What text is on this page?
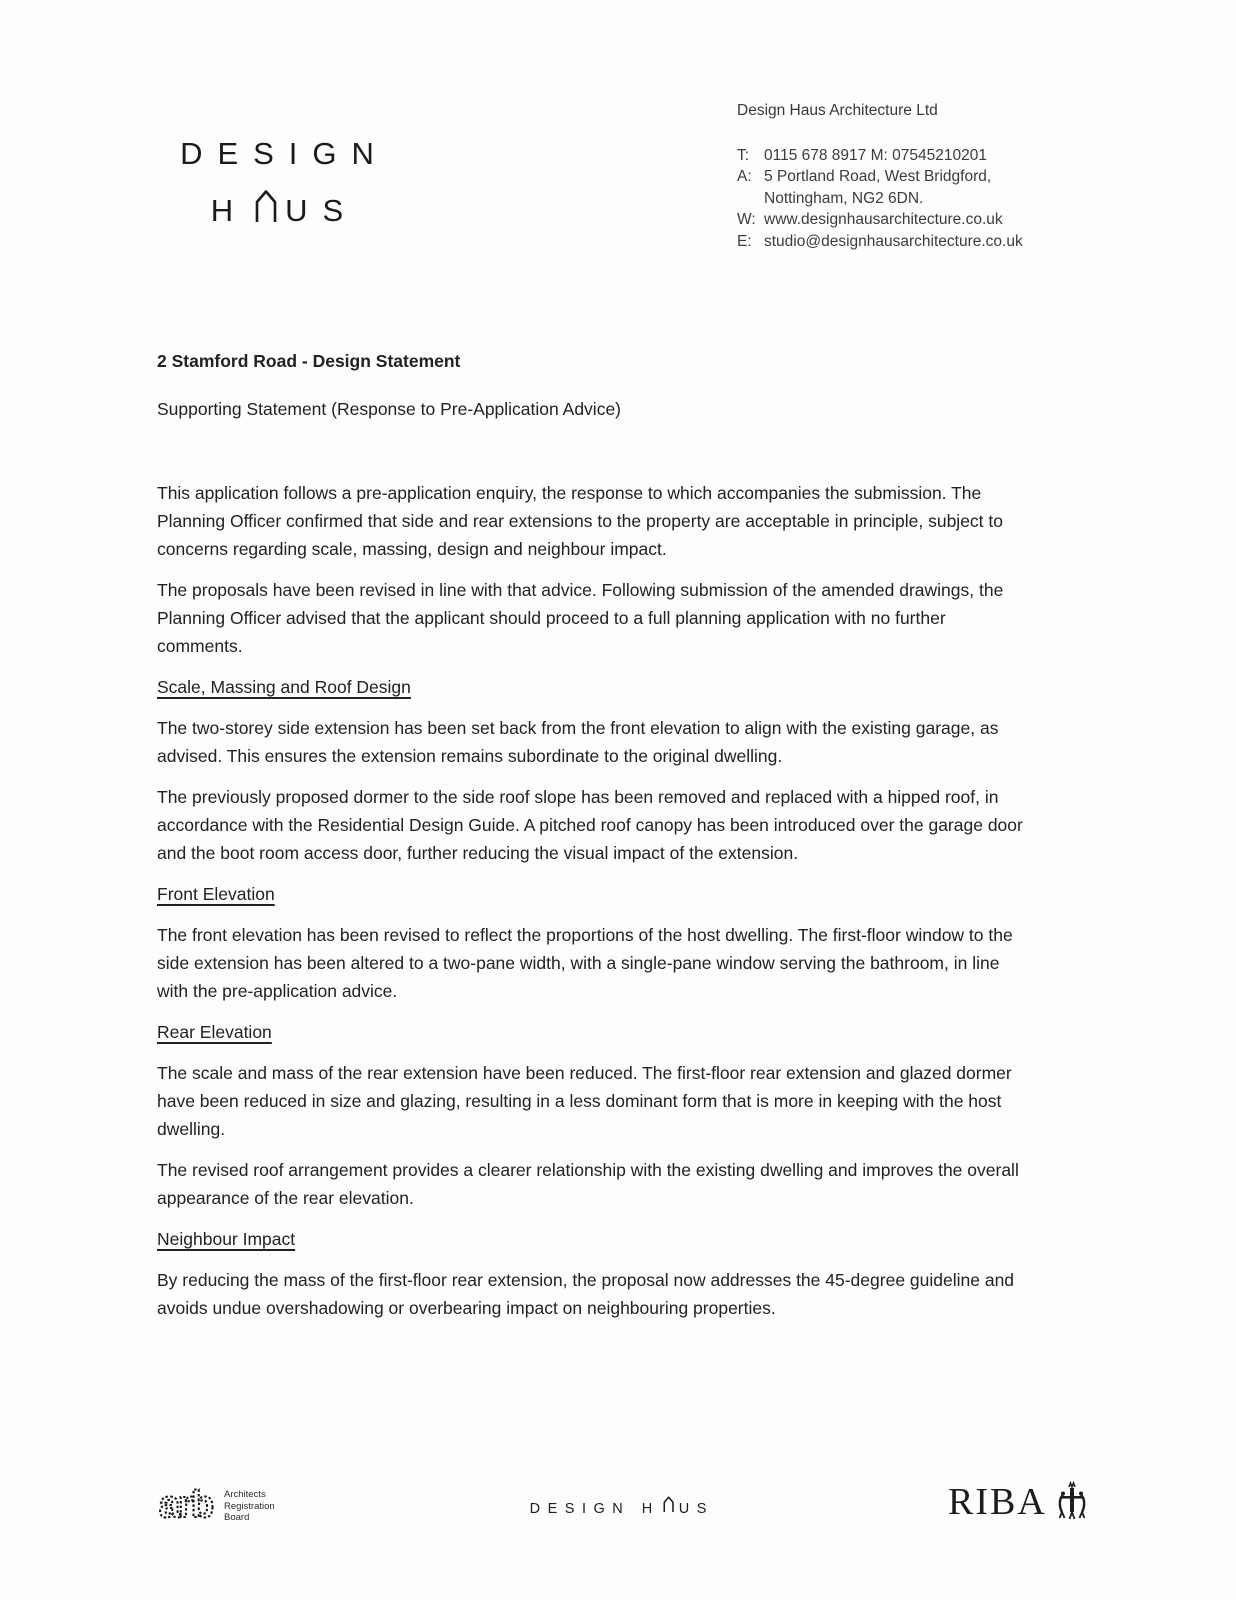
DESIGN
H US
Design Haus Architecture Ltd
T: 0115 678 8917 M: 07545210201
A: 5 Portland Road, West Bridgford,
Nottingham, NG2 6DN.
W: www.designhausarchitecture.co.uk
E: studio@designhausarchitecture.co.uk
2 Stamford Road - Design Statement
Supporting Statement (Response to Pre-Application Advice)

This application follows a pre-application enquiry, the response to which accompanies the submission. The Planning Officer confirmed that side and rear extensions to the property are acceptable in principle, subject to concerns regarding scale, massing, design and neighbour impact.

The proposals have been revised in line with that advice. Following submission of the amended drawings, the Planning Officer advised that the applicant should proceed to a full planning application with no further comments.

Scale, Massing and Roof Design

The two-storey side extension has been set back from the front elevation to align with the existing garage, as advised. This ensures the extension remains subordinate to the original dwelling.

The previously proposed dormer to the side roof slope has been removed and replaced with a hipped roof, in accordance with the Residential Design Guide. A pitched roof canopy has been introduced over the garage door and the boot room access door, further reducing the visual impact of the extension.

Front Elevation

The front elevation has been revised to reflect the proportions of the host dwelling. The first-floor window to the side extension has been altered to a two-pane width, with a single-pane window serving the bathroom, in line with the pre-application advice.

Rear Elevation

The scale and mass of the rear extension have been reduced. The first-floor rear extension and glazed dormer have been reduced in size and glazing, resulting in a less dominant form that is more in keeping with the host dwelling.

The revised roof arrangement provides a clearer relationship with the existing dwelling and improves the overall appearance of the rear elevation.

Neighbour Impact

By reducing the mass of the first-floor rear extension, the proposal now addresses the 45-degree guideline and avoids undue overshadowing or overbearing impact on neighbouring properties.

arb Architects
Registration
Board
DESIGN H US	RIBA
